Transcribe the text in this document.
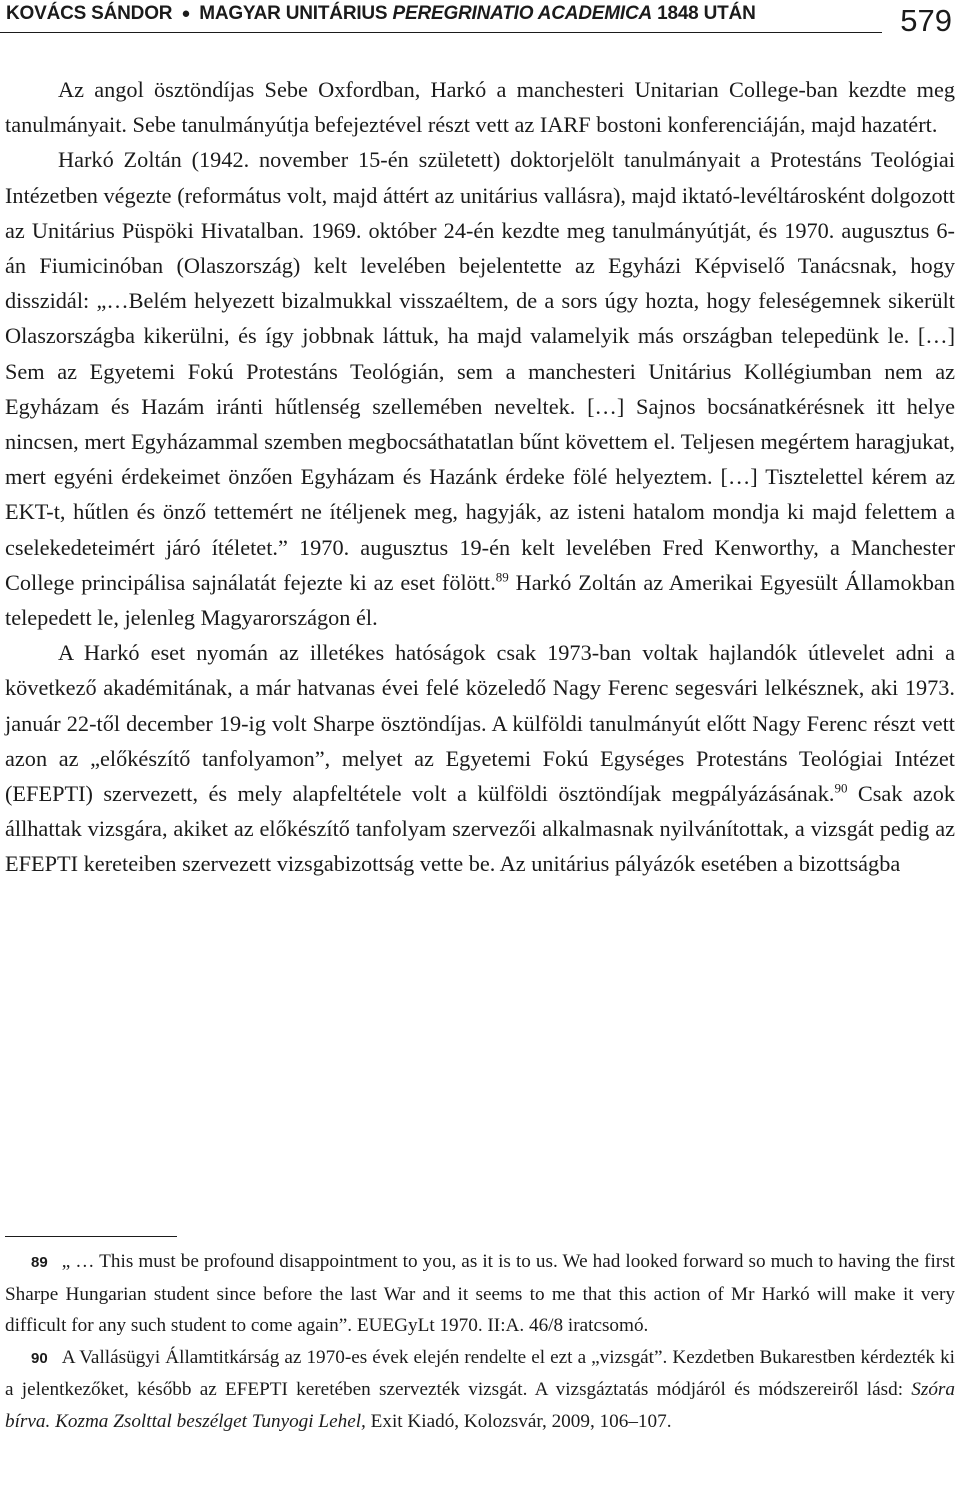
KOVÁCS SÁNDOR ● MAGYAR UNITÁRIUS PEREGRINATIO ACADEMICA 1848 UTÁN	579

Az angol ösztöndíjas Sebe Oxfordban, Harkó a manchesteri Unitarian College-ban kezdte meg tanulmányait. Sebe tanulmányútja befejeztével részt vett az IARF bostoni konferenciáján, majd hazatért.

Harkó Zoltán (1942. november 15-én született) doktorjelölt tanulmányait a Protestáns Teológiai Intézetben végezte (református volt, majd áttért az unitárius vallásra), majd iktató-levéltárosként dolgozott az Unitárius Püspöki Hivatalban. 1969. október 24-én kezdte meg tanulmányútját, és 1970. augusztus 6-án Fiumicinóban (Olaszország) kelt levelében bejelentette az Egyházi Képviselő Tanácsnak, hogy disszidál: „…Belém helyezett bizalmukkal visszaéltem, de a sors úgy hozta, hogy feleségemnek sikerült Olaszországba kikerülni, és így jobbnak láttuk, ha majd valamelyik más országban telepedünk le. […] Sem az Egyetemi Fokú Protestáns Teológián, sem a manchesteri Unitárius Kollégiumban nem az Egyházam és Hazám iránti hűtlenség szellemében neveltek. […] Sajnos bocsánatkérésnek itt helye nincsen, mert Egyházammal szemben megbocsáthatatlan bűnt követtem el. Teljesen megértem haragjukat, mert egyéni érdekeimet önzően Egyházam és Hazánk érdeke fölé helyeztem. […] Tisztelettel kérem az EKT-t, hűtlen és önző tettemért ne ítéljenek meg, hagyják, az isteni hatalom mondja ki majd felettem a cselekedeteimért járó ítéletet.” 1970. augusztus 19-én kelt levelében Fred Kenworthy, a Manchester College principálisa sajnálatát fejezte ki az eset fölött.$^{89}$ Harkó Zoltán az Amerikai Egyesült Államokban telepedett le, jelenleg Magyarországon él.

A Harkó eset nyomán az illetékes hatóságok csak 1973-ban voltak hajlandók útlevelet adni a következő akadémitának, a már hatvanas évei felé közeledő Nagy Ferenc segesvári lelkésznek, aki 1973. január 22-től december 19-ig volt Sharpe ösztöndíjas. A külföldi tanulmányút előtt Nagy Ferenc részt vett azon az „előkészítő tanfolyamon”, melyet az Egyetemi Fokú Egységes Protestáns Teológiai Intézet (EFEPTI) szervezett, és mely alapfeltétele volt a külföldi ösztöndíjak megpályázásának.$^{90}$ Csak azok állhattak vizsgára, akiket az előkészítő tanfolyam szervezői alkalmasnak nyilvánítottak, a vizsgát pedig az EFEPTI kereteiben szervezett vizsgabizottság vette be. Az unitárius pályázók esetében a bizottságba

89 „ … This must be profound disappointment to you, as it is to us. We had looked forward so much to having the first Sharpe Hungarian student since before the last War and it seems to me that this action of Mr Harkó will make it very difficult for any such student to come again”. EUEGyLt 1970. II:A. 46/8 iratcsomó.

90 A Vallásügyi Államtitkárság az 1970-es évek elején rendelte el ezt a „vizsgát”. Kezdetben Bukarestben kérdezték ki a jelentkezőket, később az EFEPTI keretében szervezték vizsgát. A vizsgáztatás módjáról és módszereiről lásd: Szóra bírva. Kozma Zsolttal beszélget Tunyogi Lehel, Exit Kiadó, Kolozsvár, 2009, 106–107.
